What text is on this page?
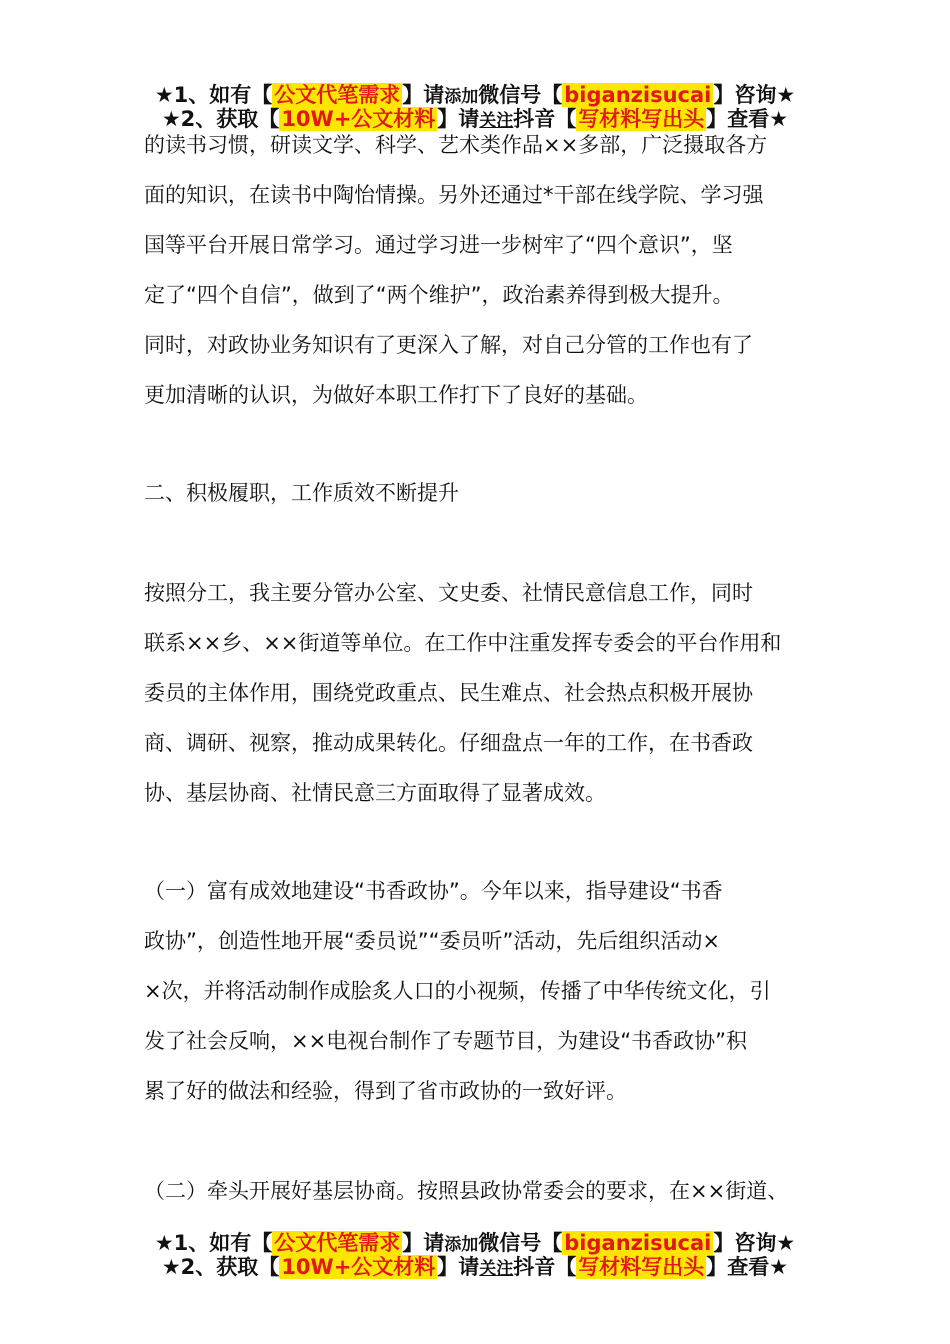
★1、如有【公文代笔需求】请添加微信号【biganzisucai】咨询★
★2、获取【10W+公文材料】请关注抖音【写材料写出头】查看★
的读书习惯，研读文学、科学、艺术类作品××多部，广泛摄取各方
面的知识，在读书中陶怡情操。另外还通过*干部在线学院、学习强
国等平台开展日常学习。通过学习进一步树牢了“四个意识”，坚
定了“四个自信”，做到了“两个维护”，政治素养得到极大提升。
同时，对政协业务知识有了更深入了解，对自己分管的工作也有了
更加清晰的认识，为做好本职工作打下了良好的基础。
二、积极履职，工作质效不断提升
按照分工，我主要分管办公室、文史委、社情民意信息工作，同时
联系××乡、××街道等单位。在工作中注重发挥专委会的平台作用和
委员的主体作用，围绕党政重点、民生难点、社会热点积极开展协
商、调研、视察，推动成果转化。仔细盘点一年的工作，在书香政
协、基层协商、社情民意三方面取得了显著成效。
（一）富有成效地建设“书香政协”。今年以来，指导建设“书香
政协”，创造性地开展“委员说”“委员听”活动，先后组织活动×
×次，并将活动制作成脍炙人口的小视频，传播了中华传统文化，引
发了社会反响，××电视台制作了专题节目，为建设“书香政协”积
累了好的做法和经验，得到了省市政协的一致好评。
（二）牵头开展好基层协商。按照县政协常委会的要求，在××街道、
★1、如有【公文代笔需求】请添加微信号【biganzisucai】咨询★
★2、获取【10W+公文材料】请关注抖音【写材料写出头】查看★
